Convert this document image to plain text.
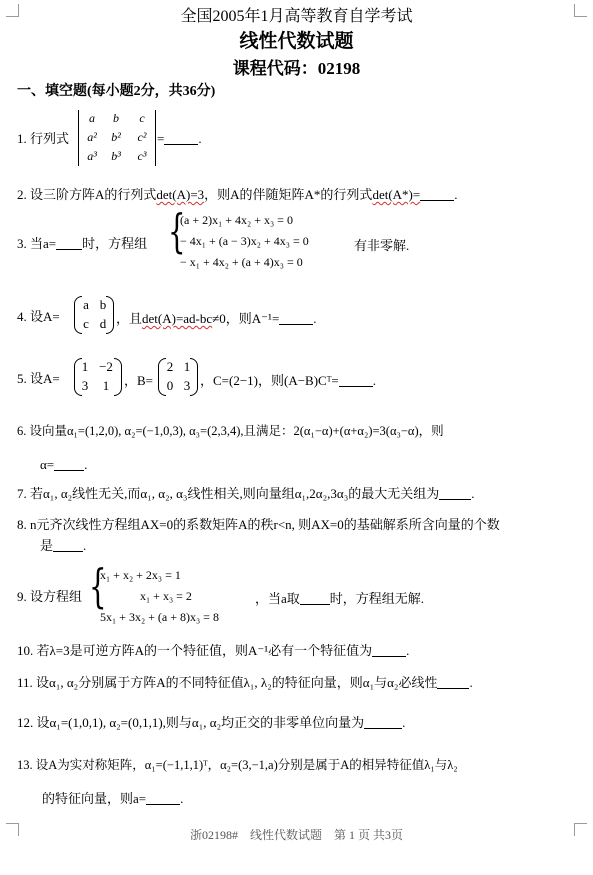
全国2005年1月高等教育自学考试
线性代数试题
课程代码：02198
一、填空题(每小题2分，共36分)
1. 行列式
a	b	c
a²	b²	c²
a³	b³	c³
=	.
2. 设三阶方阵A的行列式det(A)=3，则A的伴随矩阵A*的行列式det(A*)=	.
3. 当a= 时，方程组 {
(a + 2)x₁ + 4x₂ + x₃ = 0
− 4x₁ + (a − 3)x₂ + 4x₃ = 0
− x₁ + 4x₂ + (a + 4)x₃ = 0
有非零解.
4. 设A=
a b
c d ，且det(A)=ad-bc≠0，则A⁻¹=	.
5. 设A=
1 −2
3	1	，B=
2 1
0 3 ，C=(2−1)，则(A−B)Cᵀ=	.
6. 设向量α₁=(1,2,0), α₂=(−1,0,3), α₃=(2,3,4),且满足：2(α₁−α)+(α+α₂)=3(α₃−α)，则
α= .
7. 若α₁, α₂线性无关,而α₁, α₂, α₃线性相关,则向量组α₁,2α₂,3α₃的最大无关组为 .
8. n元齐次线性方程组AX=0的系数矩阵A的秩r<n, 则AX=0的基础解系所含向量的个数
是 .
9. 设方程组 {
x₁ + x₂ + 2x₃ = 1
x₁ + x₃ = 2
5x₁ + 3x₂ + (a + 8)x₃ = 8
，当a取 时，方程组无解.
10. 若λ=3是可逆方阵A的一个特征值，则A⁻¹必有一个特征值为	.
11. 设α₁, α₂分别属于方阵A的不同特征值λ₁, λ₂的特征向量，则α₁与α₂必线性 .
12. 设α₁=(1,0,1), α₂=(0,1,1),则与α₁, α₂均正交的非零单位向量为	.
13. 设A为实对称矩阵，α₁=(−1,1,1)ᵀ，α₂=(3,−1,a)分别是属于A的相异特征值λ₁与λ₂
的特征向量，则a=	.
浙02198#　线性代数试题　第 1 页 共3页
